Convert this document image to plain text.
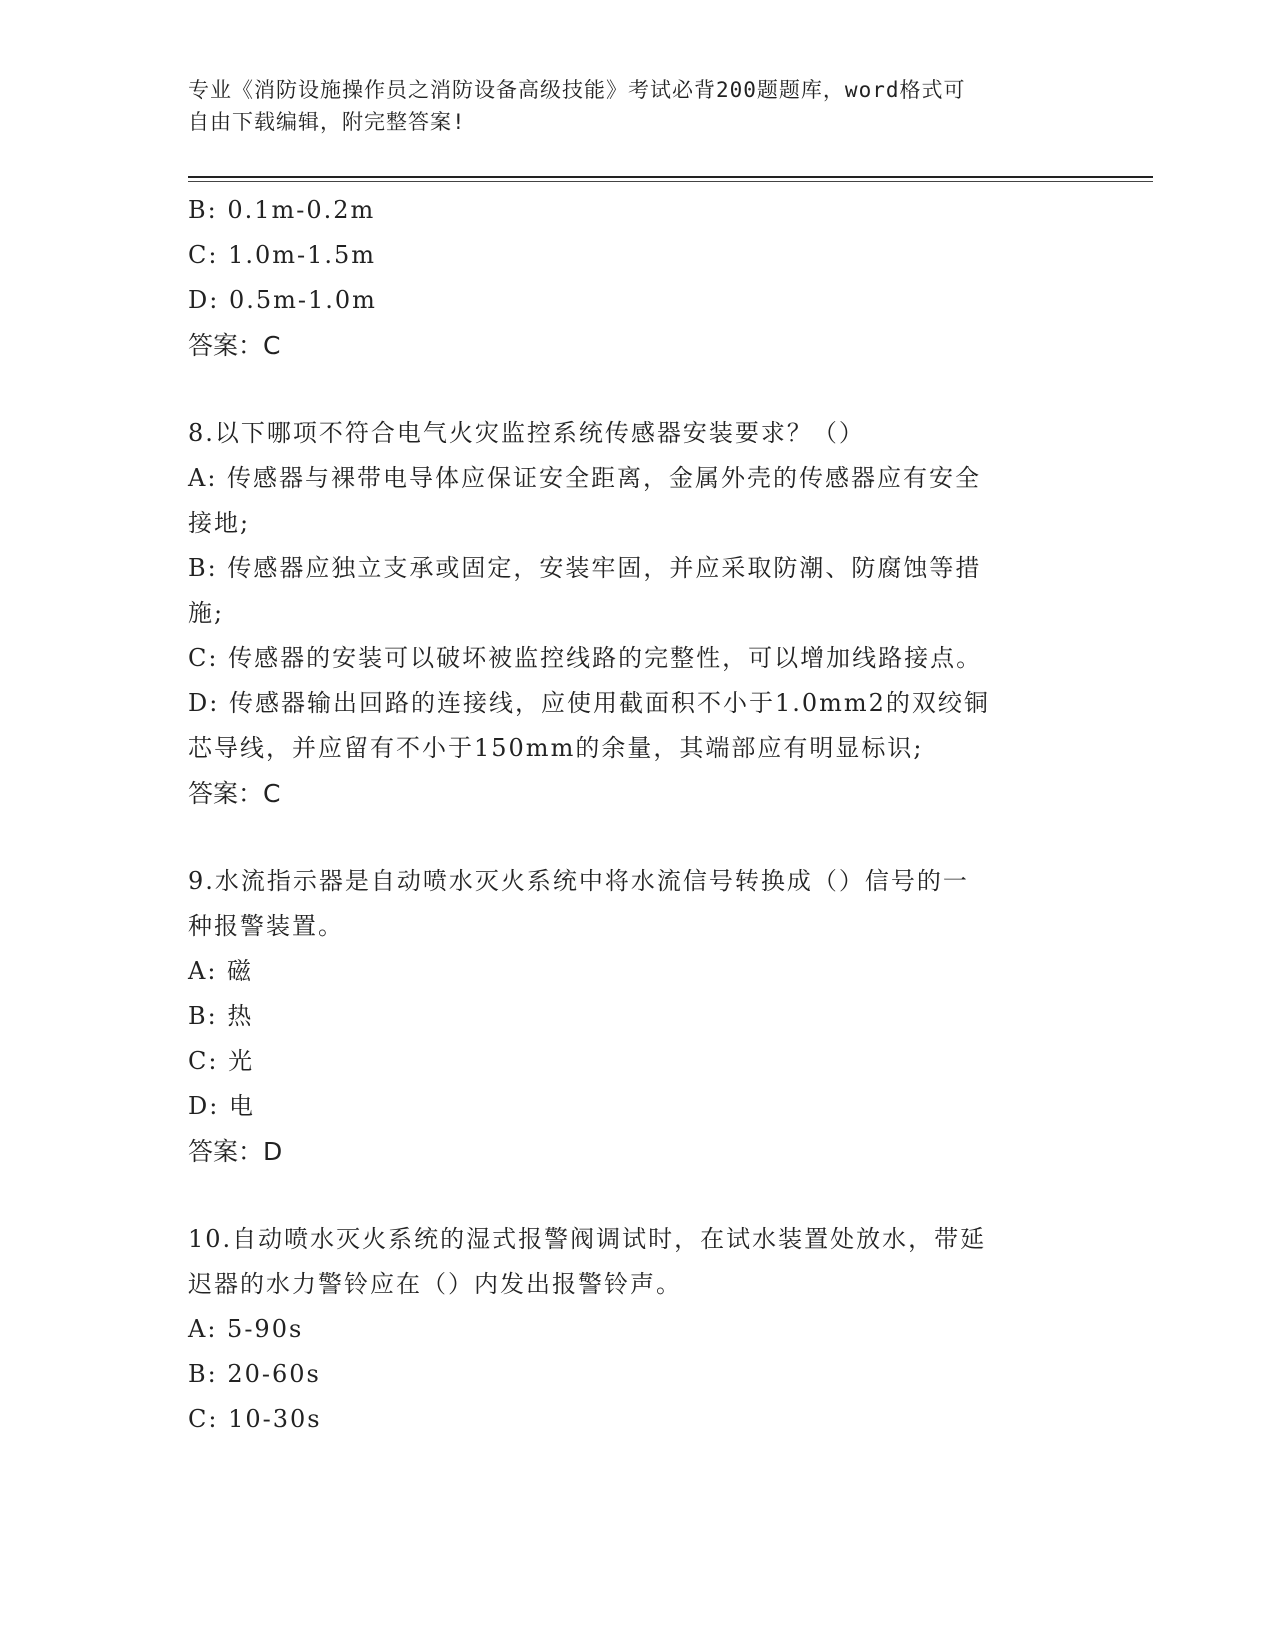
专业《消防设施操作员之消防设备高级技能》考试必背200题题库，word格式可
自由下载编辑，附完整答案!
B: 0.1m-0.2m
C: 1.0m-1.5m
D: 0.5m-1.0m
答案：C
8.以下哪项不符合电气火灾监控系统传感器安装要求？（）
A: 传感器与裸带电导体应保证安全距离，金属外壳的传感器应有安全
接地;
B: 传感器应独立支承或固定，安装牢固，并应采取防潮、防腐蚀等措
施;
C: 传感器的安装可以破坏被监控线路的完整性，可以增加线路接点。
D: 传感器输出回路的连接线，应使用截面积不小于1.0mm2的双绞铜
芯导线，并应留有不小于150mm的余量，其端部应有明显标识;
答案：C
9.水流指示器是自动喷水灭火系统中将水流信号转换成（）信号的一
种报警装置。
A: 磁
B: 热
C: 光
D: 电
答案：D
10.自动喷水灭火系统的湿式报警阀调试时，在试水装置处放水，带延
迟器的水力警铃应在（）内发出报警铃声。
A: 5-90s
B: 20-60s
C: 10-30s
